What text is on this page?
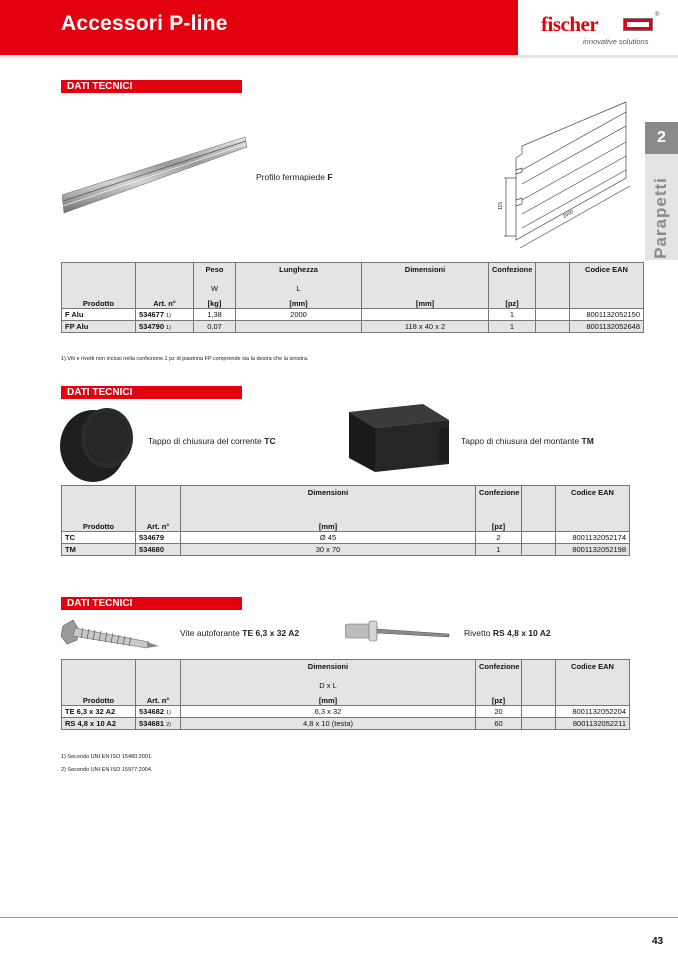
Accessori P-line	fischer	®
innovative solutions
2
Parapetti
DATI TECNICI
Profilo fermapiede F
115
2000
		Peso	Lunghezza	Dimensioni	Confezione		Codice EAN
		W	L				
Prodotto	Art. n°	[kg]	[mm]	[mm]	[pz]		
F Alu	534677 1)	1,38	2000		1		8001132052150
FP Alu	534790 1)	0,07		118 x 40 x 2	1		8001132052648
1) Viti e rivetti non inclusi nella confezione.1 pz di piastrina FP comprende sia la destra che la sinistra.
DATI TECNICI
Tappo di chiusura del corrente TC	Tappo di chiusura del montante TM
		Dimensioni	Confezione		Codice EAN

Prodotto	Art. n°	[mm]	[pz]		
TC	534679	Ø 45	2		8001132052174
TM	534680	30 x 70	1		8001132052198
DATI TECNICI
Vite autoforante TE 6,3 x 32 A2	Rivetto RS 4,8 x 10 A2
		Dimensioni	Confezione		Codice EAN
		D x L			
Prodotto	Art. n°	[mm]	[pz]		
TE 6,3 x 32 A2	534682 1)	6,3 x 32	20		8001132052204
RS 4,8 x 10 A2	534681 2)	4,8 x 10 (testa)	60		8001132052211
1) Secondo UNI EN ISO 15480:2001.
2) Secondo UNI EN ISO 15977:2004.
43
